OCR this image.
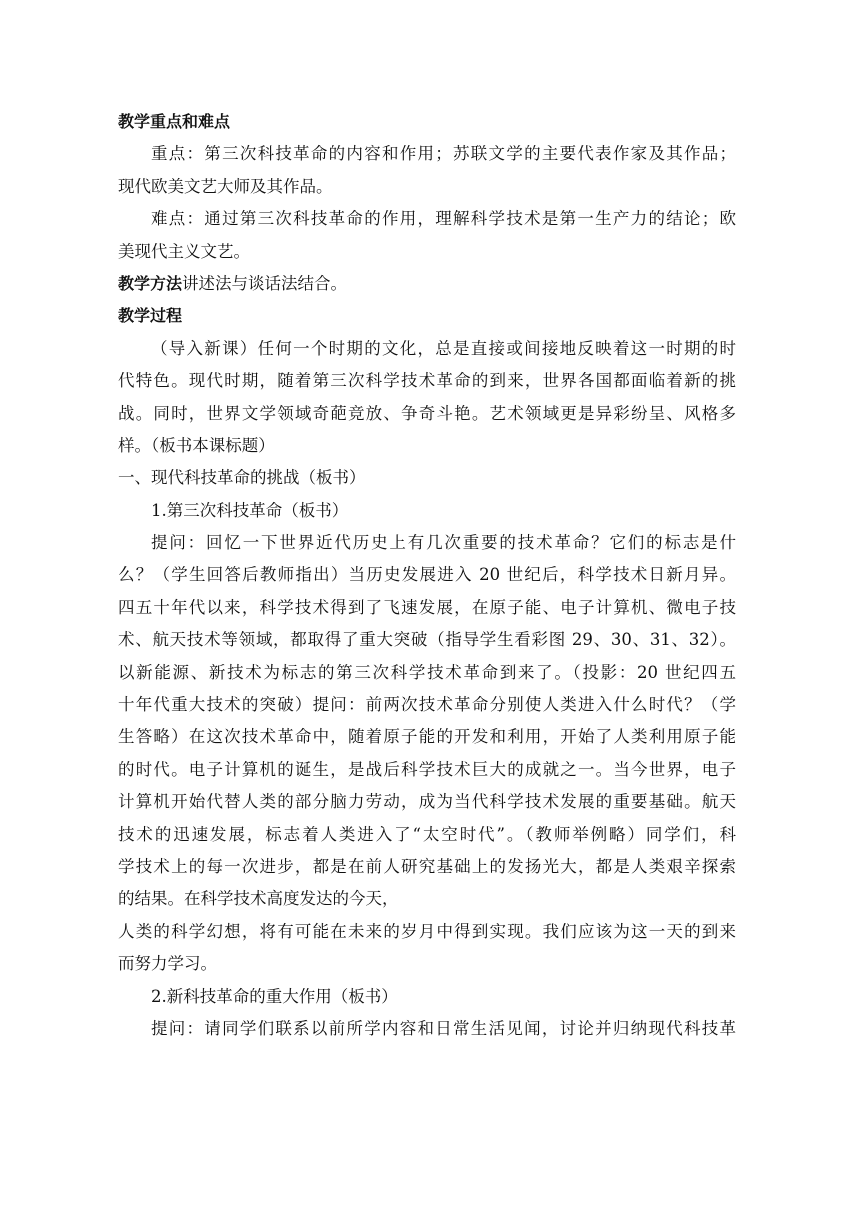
教学重点和难点
重点：第三次科技革命的内容和作用；苏联文学的主要代表作家及其作品；
现代欧美文艺大师及其作品。
难点：通过第三次科技革命的作用，理解科学技术是第一生产力的结论；欧
美现代主义文艺。
教学方法讲述法与谈话法结合。
教学过程
（导入新课）任何一个时期的文化，总是直接或间接地反映着这一时期的时
代特色。现代时期，随着第三次科学技术革命的到来，世界各国都面临着新的挑
战。同时，世界文学领域奇葩竞放、争奇斗艳。艺术领域更是异彩纷呈、风格多
样。（板书本课标题）
一、现代科技革命的挑战（板书）
1.第三次科技革命（板书）
提问：回忆一下世界近代历史上有几次重要的技术革命？它们的标志是什
么？（学生回答后教师指出）当历史发展进入 20 世纪后，科学技术日新月异。
四五十年代以来，科学技术得到了飞速发展，在原子能、电子计算机、微电子技
术、航天技术等领域，都取得了重大突破（指导学生看彩图 29、30、31、32）。
以新能源、新技术为标志的第三次科学技术革命到来了。（投影：20 世纪四五
十年代重大技术的突破）提问：前两次技术革命分别使人类进入什么时代？（学
生答略）在这次技术革命中，随着原子能的开发和利用，开始了人类利用原子能
的时代。电子计算机的诞生，是战后科学技术巨大的成就之一。当今世界，电子
计算机开始代替人类的部分脑力劳动，成为当代科学技术发展的重要基础。航天
技术的迅速发展，标志着人类进入了“太空时代”。（教师举例略）同学们，科
学技术上的每一次进步，都是在前人研究基础上的发扬光大，都是人类艰辛探索
的结果。在科学技术高度发达的今天，
人类的科学幻想，将有可能在未来的岁月中得到实现。我们应该为这一天的到来
而努力学习。
2.新科技革命的重大作用（板书）
提问：请同学们联系以前所学内容和日常生活见闻，讨论并归纳现代科技革
